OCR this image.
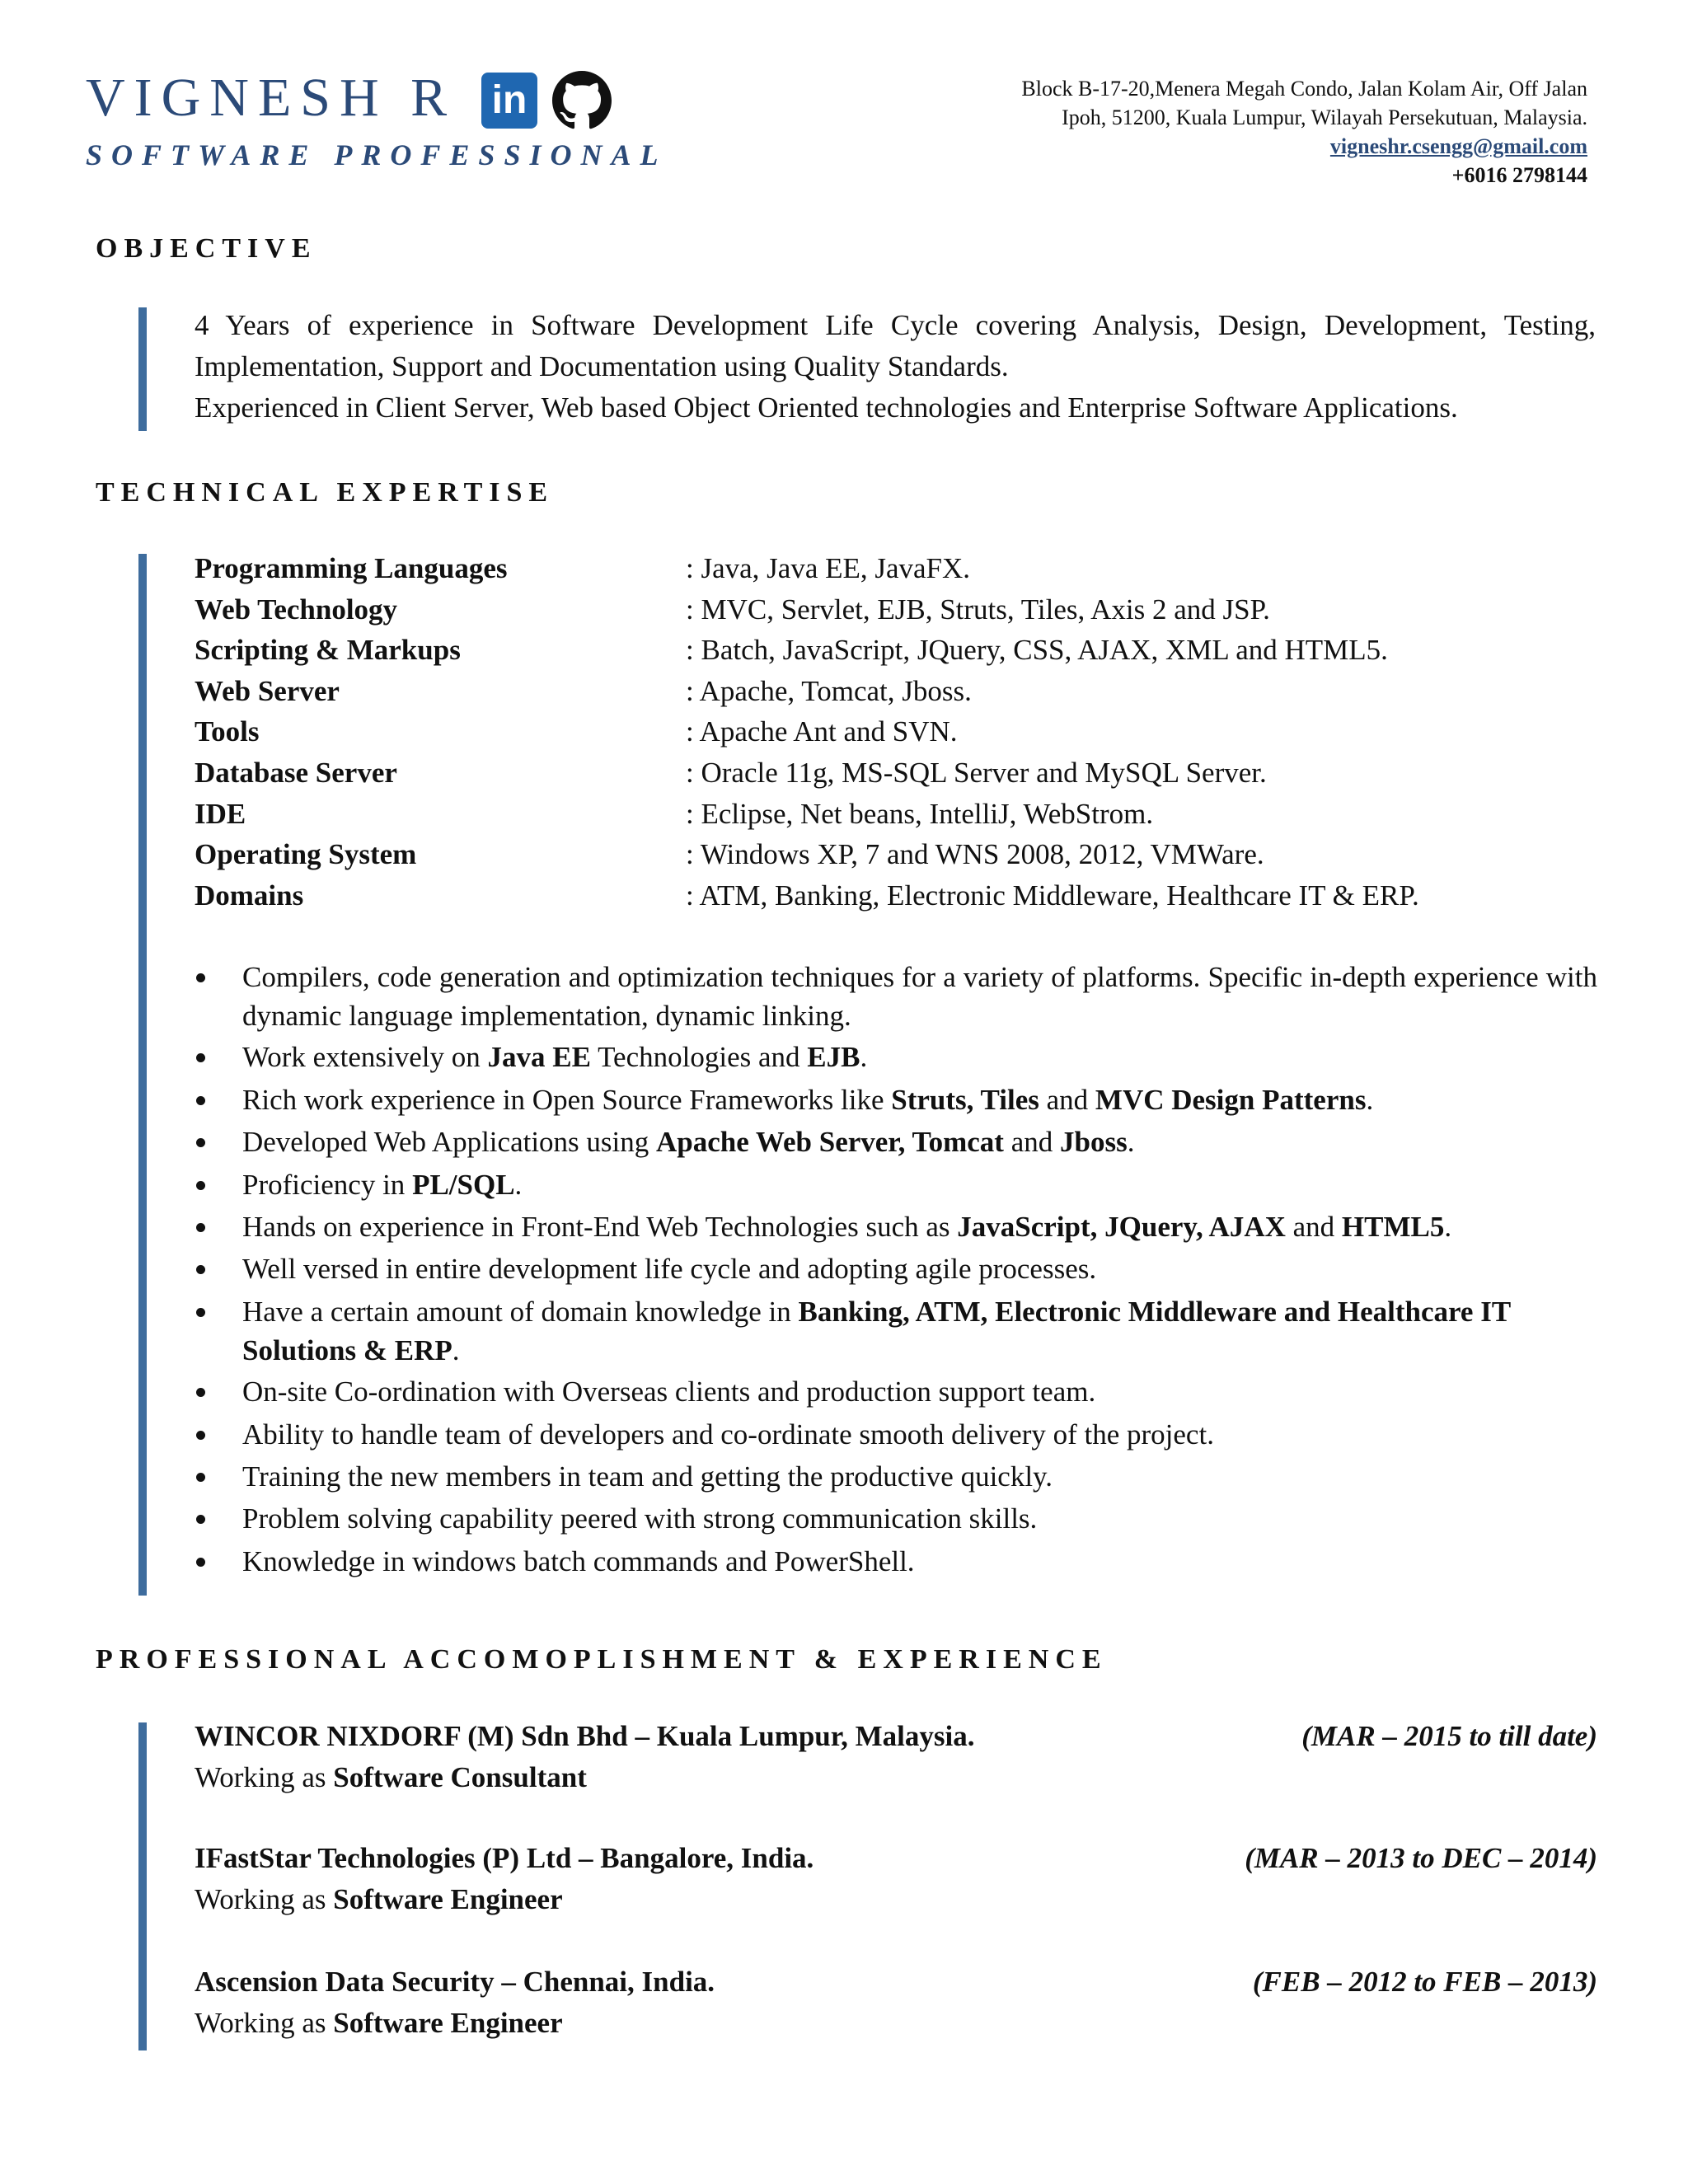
VIGNESH R
SOFTWARE PROFESSIONAL
in	Block B-17-20,Menera Megah Condo, Jalan Kolam Air, Off Jalan
Ipoh, 51200, Kuala Lumpur, Wilayah Persekutuan, Malaysia.
vigneshr.csengg@gmail.com
+6016 2798144
OBJECTIVE
4 Years of experience in Software Development Life Cycle covering Analysis, Design, Development, Testing, Implementation, Support and Documentation using Quality Standards.
Experienced in Client Server, Web based Object Oriented technologies and Enterprise Software Applications.
TECHNICAL EXPERTISE
Programming Languages	: Java, Java EE, JavaFX.
Web Technology	: MVC, Servlet, EJB, Struts, Tiles, Axis 2 and JSP.
Scripting & Markups	: Batch, JavaScript, JQuery, CSS, AJAX, XML and HTML5.
Web Server	: Apache, Tomcat, Jboss.
Tools	: Apache Ant and SVN.
Database Server	: Oracle 11g, MS-SQL Server and MySQL Server.
IDE	: Eclipse, Net beans, IntelliJ, WebStrom.
Operating System	: Windows XP, 7 and WNS 2008, 2012, VMWare.
Domains	: ATM, Banking, Electronic Middleware, Healthcare IT & ERP.
Compilers, code generation and optimization techniques for a variety of platforms. Specific in-depth experience with dynamic language implementation, dynamic linking.
Work extensively on Java EE Technologies and EJB.
Rich work experience in Open Source Frameworks like Struts, Tiles and MVC Design Patterns.
Developed Web Applications using Apache Web Server, Tomcat and Jboss.
Proficiency in PL/SQL.
Hands on experience in Front-End Web Technologies such as JavaScript, JQuery, AJAX and HTML5.
Well versed in entire development life cycle and adopting agile processes.
Have a certain amount of domain knowledge in Banking, ATM, Electronic Middleware and Healthcare IT Solutions & ERP.
On-site Co-ordination with Overseas clients and production support team.
Ability to handle team of developers and co-ordinate smooth delivery of the project.
Training the new members in team and getting the productive quickly.
Problem solving capability peered with strong communication skills.
Knowledge in windows batch commands and PowerShell.
PROFESSIONAL ACCOMOPLISHMENT & EXPERIENCE
WINCOR NIXDORF (M) Sdn Bhd – Kuala Lumpur, Malaysia.	(MAR – 2015 to till date)
Working as Software Consultant
IFastStar Technologies (P) Ltd – Bangalore, India.	(MAR – 2013 to DEC – 2014)
Working as Software Engineer
Ascension Data Security – Chennai, India.	(FEB – 2012 to FEB – 2013)
Working as Software Engineer
